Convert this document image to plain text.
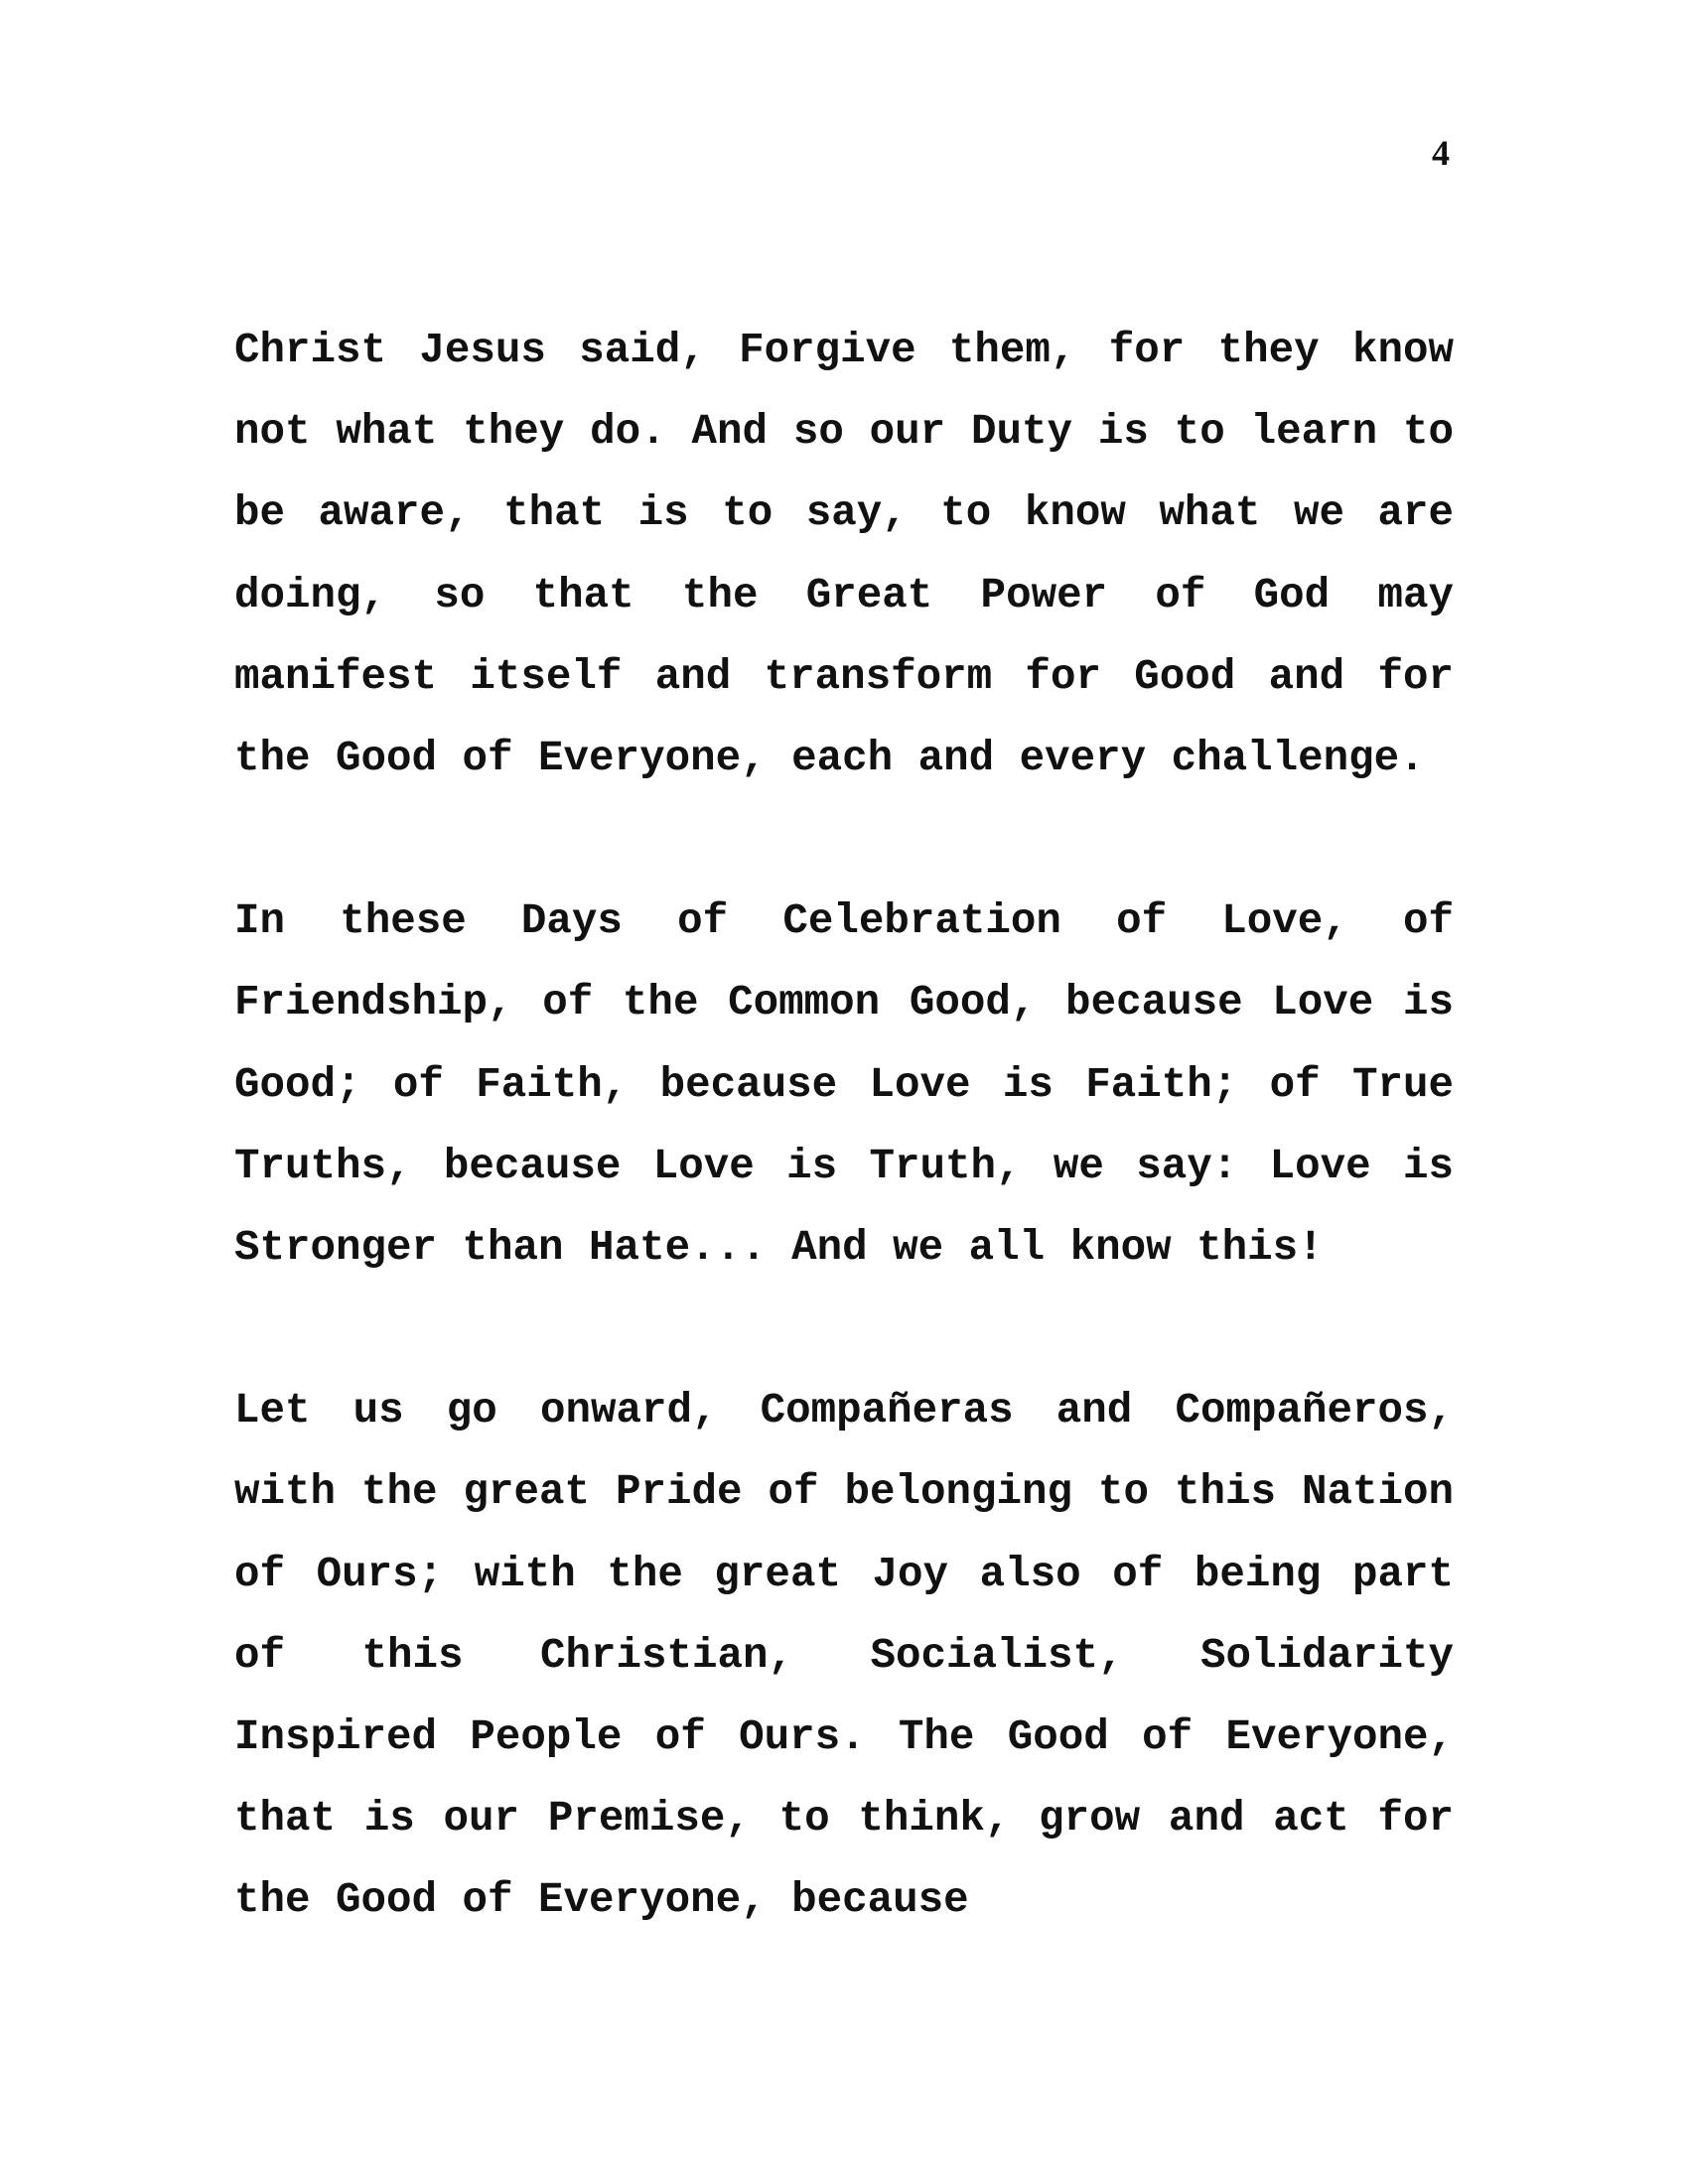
4

Christ Jesus said, Forgive them, for they know not what they do. And so our Duty is to learn to be aware, that is to say, to know what we are doing, so that the Great Power of God may manifest itself and transform for Good and for the Good of Everyone, each and every challenge.

In these Days of Celebration of Love, of Friendship, of the Common Good, because Love is Good; of Faith, because Love is Faith; of True Truths, because Love is Truth, we say: Love is Stronger than Hate... And we all know this!

Let us go onward, Compañeras and Compañeros, with the great Pride of belonging to this Nation of Ours; with the great Joy also of being part of this Christian, Socialist, Solidarity Inspired People of Ours. The Good of Everyone, that is our Premise, to think, grow and act for the Good of Everyone, because
